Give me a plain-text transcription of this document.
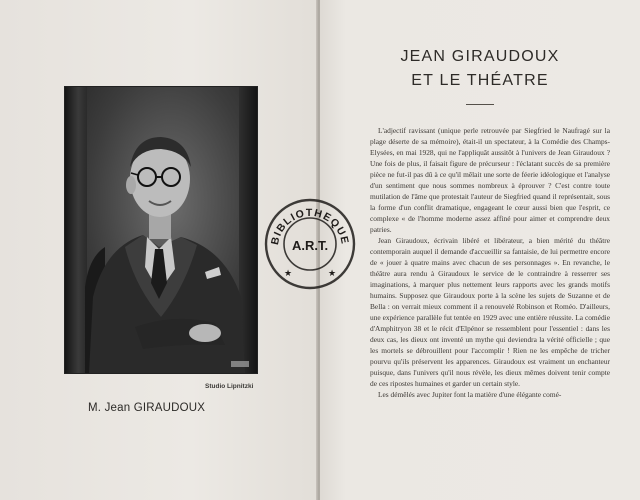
Studio Lipnitzki
M. Jean GIRAUDOUX
JEAN GIRAUDOUX
ET LE THÉATRE

L'adjectif ravissant (unique perle retrouvée par Siegfried le Naufragé sur la plage déserte de sa mémoire), était-il un spectateur, à la Comédie des Champs-Elysées, en mai 1928, qui ne l'appliquât aussitôt à l'univers de Jean Giraudoux ? Une fois de plus, il faisait figure de précurseur : l'éclatant succès de sa première pièce ne fut-il pas dû à ce qu'il mêlait une sorte de féerie idéologique et l'analyse d'un sentiment que nous sommes nombreux à éprouver ? C'est contre toute mutilation de l'âme que protestait l'auteur de Siegfried quand il représentait, sous la forme d'un conflit dramatique, engageant le cœur aussi bien que l'esprit, ce complexe « de l'homme moderne assez affiné pour aimer et comprendre deux patries.

Jean Giraudoux, écrivain libéré et libérateur, a bien mérité du théâtre contemporain auquel il demande d'accueillir sa fantaisie, de lui permettre encore de « jouer à quatre mains avec chacun de ses personnages ». En revanche, le théâtre aura rendu à Giraudoux le service de le contraindre à resserrer ses imaginations, à marquer plus nettement leurs rapports avec les grands motifs humains. Supposez que Giraudoux porte à la scène les sujets de Suzanne et de Bella : on verrait mieux comment il a renouvelé Robinson et Roméo. D'ailleurs, une expérience parallèle fut tentée en 1929 avec une entière réussite. La comédie d'Amphitryon 38 et le récit d'Elpénor se ressemblent pour l'essentiel : dans les deux cas, les dieux ont inventé un mythe qui deviendra la vérité officielle ; que les mortels se débrouillent pour l'accomplir ! Rien ne les empêche de tricher pourvu qu'ils préservent les apparences. Giraudoux est vraiment un enchanteur puisque, dans l'univers qu'il nous révèle, les dieux mêmes doivent tenir compte de ces ripostes humaines et garder un certain style.

Les démêlés avec Jupiter font la matière d'une élégante comé-

BIBLIOTHEQUE
A.R.T.
★	★
